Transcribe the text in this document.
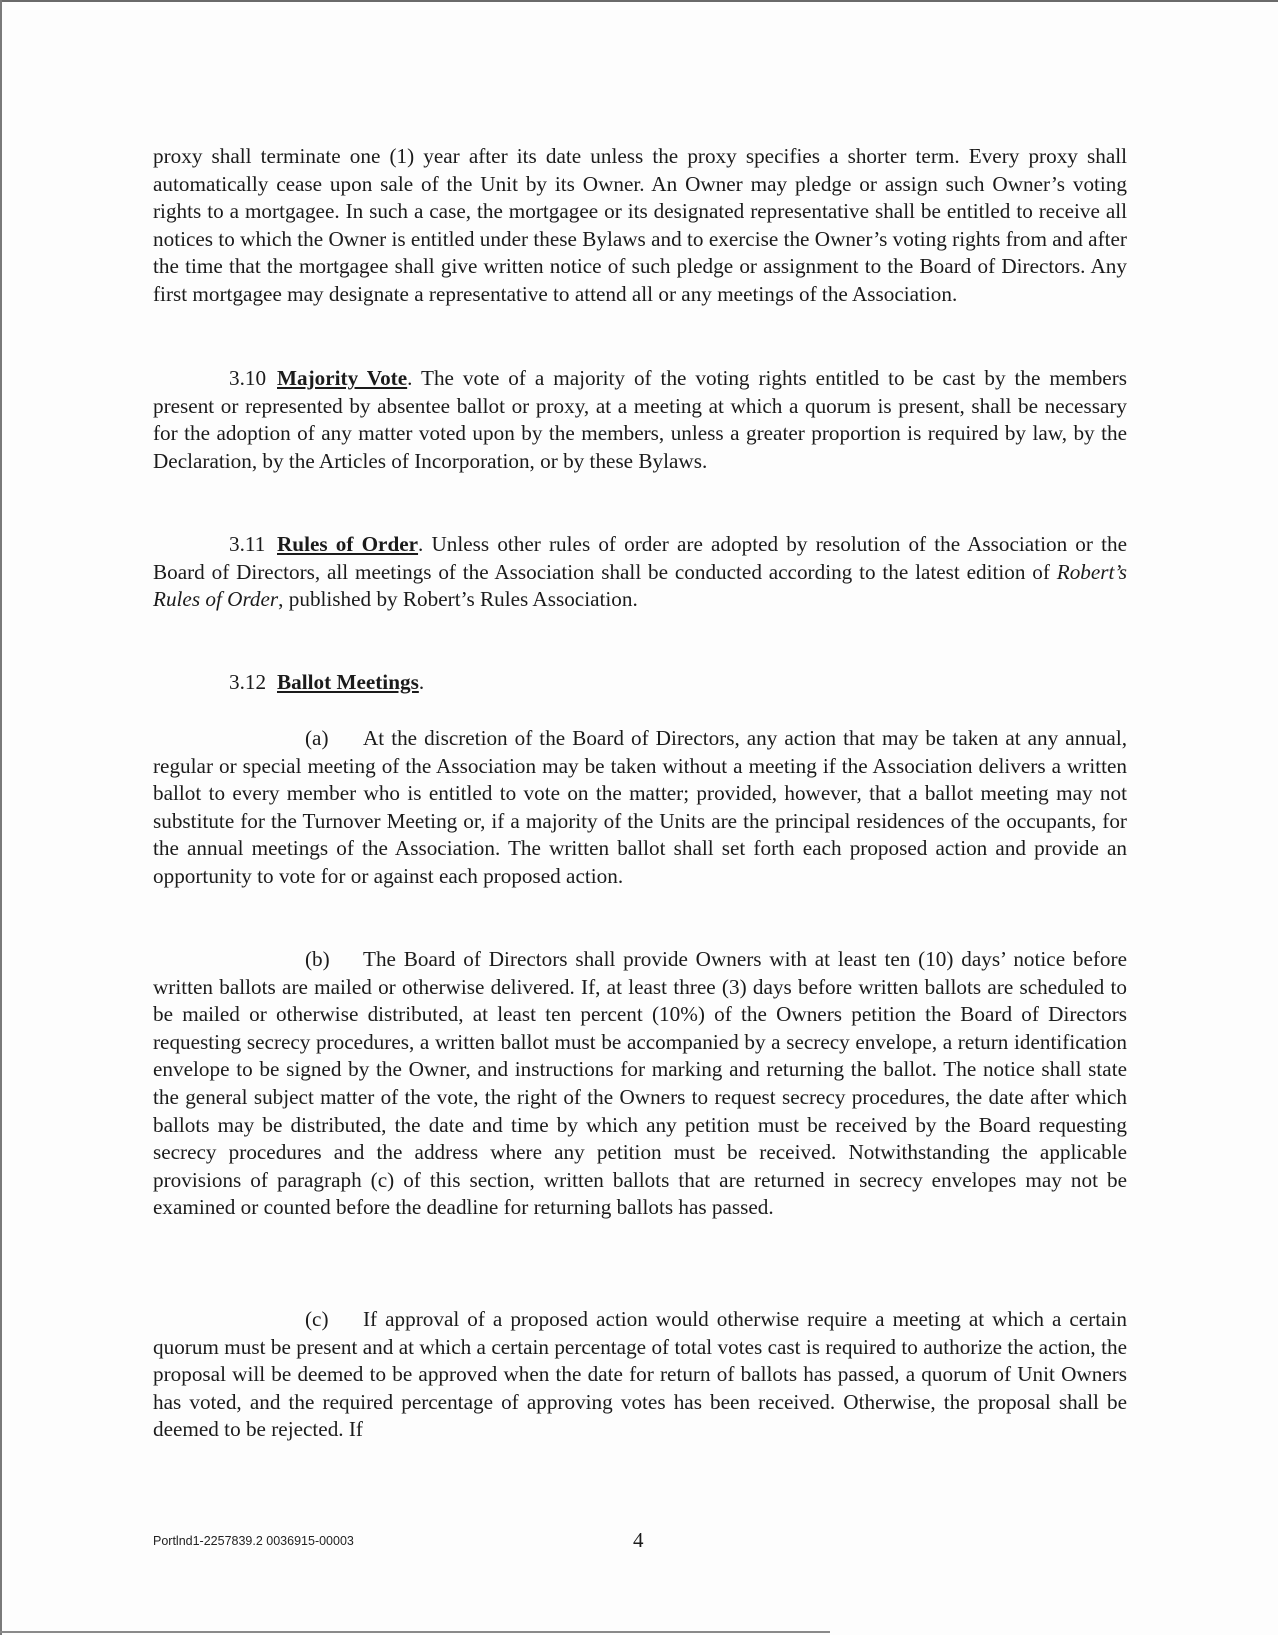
proxy shall terminate one (1) year after its date unless the proxy specifies a shorter term. Every proxy shall automatically cease upon sale of the Unit by its Owner. An Owner may pledge or assign such Owner’s voting rights to a mortgagee. In such a case, the mortgagee or its designated representative shall be entitled to receive all notices to which the Owner is entitled under these Bylaws and to exercise the Owner’s voting rights from and after the time that the mortgagee shall give written notice of such pledge or assignment to the Board of Directors. Any first mortgagee may designate a representative to attend all or any meetings of the Association.

3.10 Majority Vote. The vote of a majority of the voting rights entitled to be cast by the members present or represented by absentee ballot or proxy, at a meeting at which a quorum is present, shall be necessary for the adoption of any matter voted upon by the members, unless a greater proportion is required by law, by the Declaration, by the Articles of Incorporation, or by these Bylaws.

3.11 Rules of Order. Unless other rules of order are adopted by resolution of the Association or the Board of Directors, all meetings of the Association shall be conducted according to the latest edition of Robert’s Rules of Order, published by Robert’s Rules Association.

3.12 Ballot Meetings.

(a) At the discretion of the Board of Directors, any action that may be taken at any annual, regular or special meeting of the Association may be taken without a meeting if the Association delivers a written ballot to every member who is entitled to vote on the matter; provided, however, that a ballot meeting may not substitute for the Turnover Meeting or, if a majority of the Units are the principal residences of the occupants, for the annual meetings of the Association. The written ballot shall set forth each proposed action and provide an opportunity to vote for or against each proposed action.

(b) The Board of Directors shall provide Owners with at least ten (10) days’ notice before written ballots are mailed or otherwise delivered. If, at least three (3) days before written ballots are scheduled to be mailed or otherwise distributed, at least ten percent (10%) of the Owners petition the Board of Directors requesting secrecy procedures, a written ballot must be accompanied by a secrecy envelope, a return identification envelope to be signed by the Owner, and instructions for marking and returning the ballot. The notice shall state the general subject matter of the vote, the right of the Owners to request secrecy procedures, the date after which ballots may be distributed, the date and time by which any petition must be received by the Board requesting secrecy procedures and the address where any petition must be received. Notwithstanding the applicable provisions of paragraph (c) of this section, written ballots that are returned in secrecy envelopes may not be examined or counted before the deadline for returning ballots has passed.

(c) If approval of a proposed action would otherwise require a meeting at which a certain quorum must be present and at which a certain percentage of total votes cast is required to authorize the action, the proposal will be deemed to be approved when the date for return of ballots has passed, a quorum of Unit Owners has voted, and the required percentage of approving votes has been received. Otherwise, the proposal shall be deemed to be rejected. If

Portlnd1-2257839.2 0036915-00003	4
